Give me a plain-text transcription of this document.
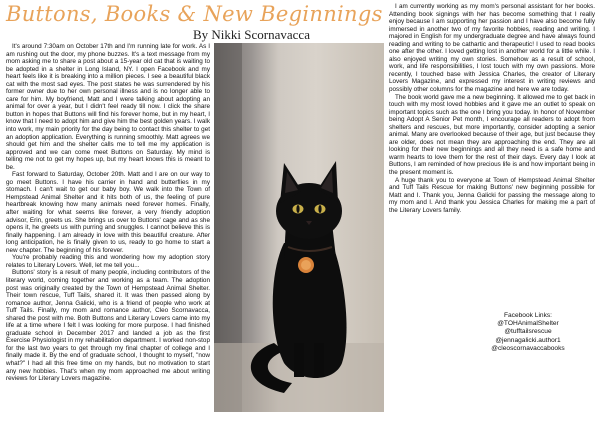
Buttons, Books & New Beginnings
By Nikki Scornavacca

It's around 7:30am on October 17th and I'm running late for work. As I am rushing out the door, my phone buzzes. It's a text message from my mom asking me to share a post about a 15-year old cat that is waiting to be adopted in a shelter in Long Island, NY. I open Facebook and my heart feels like it is breaking into a million pieces. I see a beautiful black cat with the most sad eyes. The post states he was surrendered by his former owner due to her own personal illness and is no longer able to care for him. My boyfriend, Matt and I were talking about adopting an animal for over a year, but I didn't feel ready till now. I click the share button in hopes that Buttons will find his forever home, but in my heart, I know that I need to adopt him and give him the best golden years. I walk into work, my main priority for the day being to contact this shelter to get an adoption application. Everything is running smoothly. Matt agrees we should get him and the shelter calls me to tell me my application is approved and we can come meet Buttons on Saturday. My mind is telling me not to get my hopes up, but my heart knows this is meant to be.

Fast forward to Saturday, October 20th. Matt and I are on our way to go meet Buttons. I have his carrier in hand and butterflies in my stomach. I can't wait to get our baby boy. We walk into the Town of Hempstead Animal Shelter and it hits both of us, the feeling of pure heartbreak knowing how many animals need forever homes. Finally, after waiting for what seems like forever, a very friendly adoption advisor, Erin, greets us. She brings us over to Buttons' cage and as she opens it, he greets us with purring and snuggles. I cannot believe this is finally happening. I am already in love with this beautiful creature. After long anticipation, he is finally given to us, ready to go home to start a new chapter. The beginning of his forever.

You're probably reading this and wondering how my adoption story relates to Literary Lovers. Well, let me tell you...

Buttons' story is a result of many people, including contributors of the literary world, coming together and working as a team. The adoption post was originally created by the Town of Hempstead Animal Shelter. Their town rescue, Tuff Tails, shared it. It was then passed along by romance author, Jenna Galicki, who is a friend of people who work at Tuff Tails. Finally, my mom and romance author, Cleo Scornavacca, shared the post with me. Both Buttons and Literary Lovers came into my life at a time where I felt I was looking for more purpose. I had finished graduate school in December 2017 and landed a job as the first Exercise Physiologist in my rehabilitation department. I worked non-stop for the last two years to get through my final chapter of college and I finally made it. By the end of graduate school, I thought to myself, "now what?" I had all this free time on my hands, but no motivation to start any new hobbies. That's when my mom approached me about writing reviews for Literary Lovers magazine.

I am currently working as my mom's personal assistant for her books. Attending book signings with her has become something that I really enjoy because I am supporting her passion and I have also become fully immersed in another two of my favorite hobbies, reading and writing. I majored in English for my undergraduate degree and have always found reading and writing to be cathartic and therapeutic! I used to read books one after the other. I loved getting lost in another world for a little while. I also enjoyed writing my own stories. Somehow as a result of school, work, and life responsibilities, I lost touch with my own passions. More recently, I touched base with Jessica Charles, the creator of Literary Lovers Magazine, and expressed my interest in writing reviews and possibly other columns for the magazine and here we are today.

The book world gave me a new beginning. It allowed me to get back in touch with my most loved hobbies and it gave me an outlet to speak on important topics such as the one I bring you today. In honor of November being Adopt A Senior Pet month, I encourage all readers to adopt from shelters and rescues, but more importantly, consider adopting a senior animal. Many are overlooked because of their age, but just because they are older, does not mean they are approaching the end. They are all looking for their new beginnings and all they need is a safe home and warm hearts to love them for the rest of their days. Every day I look at Buttons, I am reminded of how precious life is and how important being in the present moment is.

A huge thank you to everyone at Town of Hempstead Animal Shelter and Tuff Tails Rescue for making Buttons' new beginning possible for Matt and I. Thank you, Jenna Galicki for passing the message along to my mom and I. And thank you Jessica Charles for making me a part of the Literary Lovers family.

Facebook Links:
@TOHAnimalShelter
@tufftailsrescue
@jennagalicki.author1
@cleoscornavaccabooks
